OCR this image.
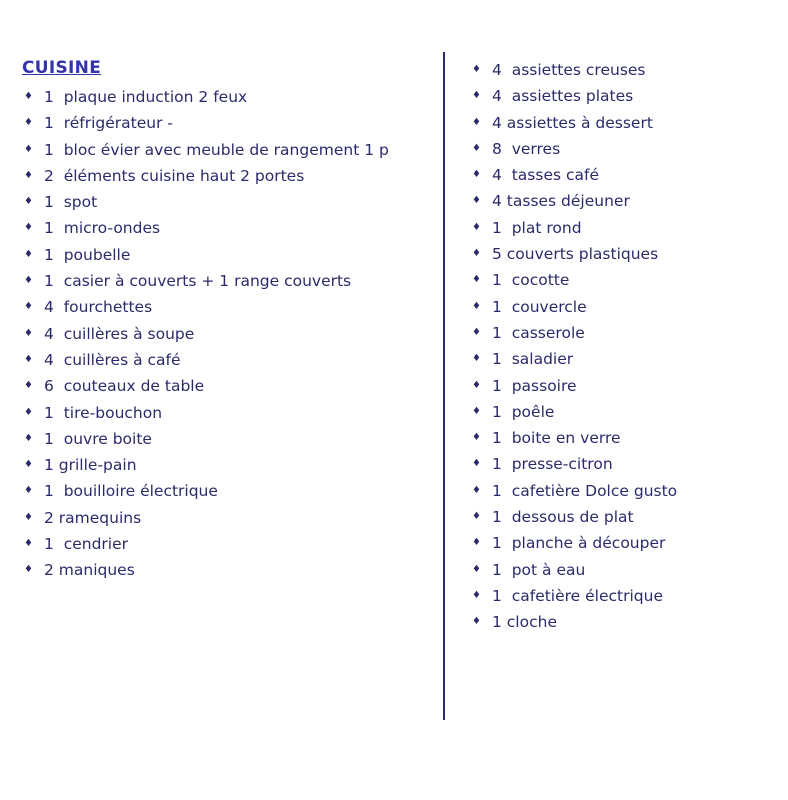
CUISINE
♦ 1  plaque induction 2 feux
♦ 1  réfrigérateur -
♦ 1  bloc évier avec meuble de rangement 1 p
♦ 2  éléments cuisine haut 2 portes
♦ 1  spot
♦ 1  micro-ondes
♦ 1  poubelle
♦ 1  casier à couverts + 1 range couverts
♦ 4  fourchettes
♦ 4  cuillères à soupe
♦ 4  cuillères à café
♦ 6  couteaux de table
♦ 1  tire-bouchon
♦ 1  ouvre boite
♦ 1 grille-pain
♦ 1  bouilloire électrique
♦ 2 ramequins
♦ 1  cendrier
♦ 2 maniques
♦ 4  assiettes creuses
♦ 4  assiettes plates
♦ 4 assiettes à dessert
♦ 8  verres
♦ 4  tasses café
♦ 4 tasses déjeuner
♦ 1  plat rond
♦ 5 couverts plastiques
♦ 1  cocotte
♦ 1  couvercle
♦ 1  casserole
♦ 1  saladier
♦ 1  passoire
♦ 1  poêle
♦ 1  boite en verre
♦ 1  presse-citron
♦ 1  cafetière Dolce gusto
♦ 1  dessous de plat
♦ 1  planche à découper
♦ 1  pot à eau
♦ 1  cafetière électrique
♦ 1 cloche
